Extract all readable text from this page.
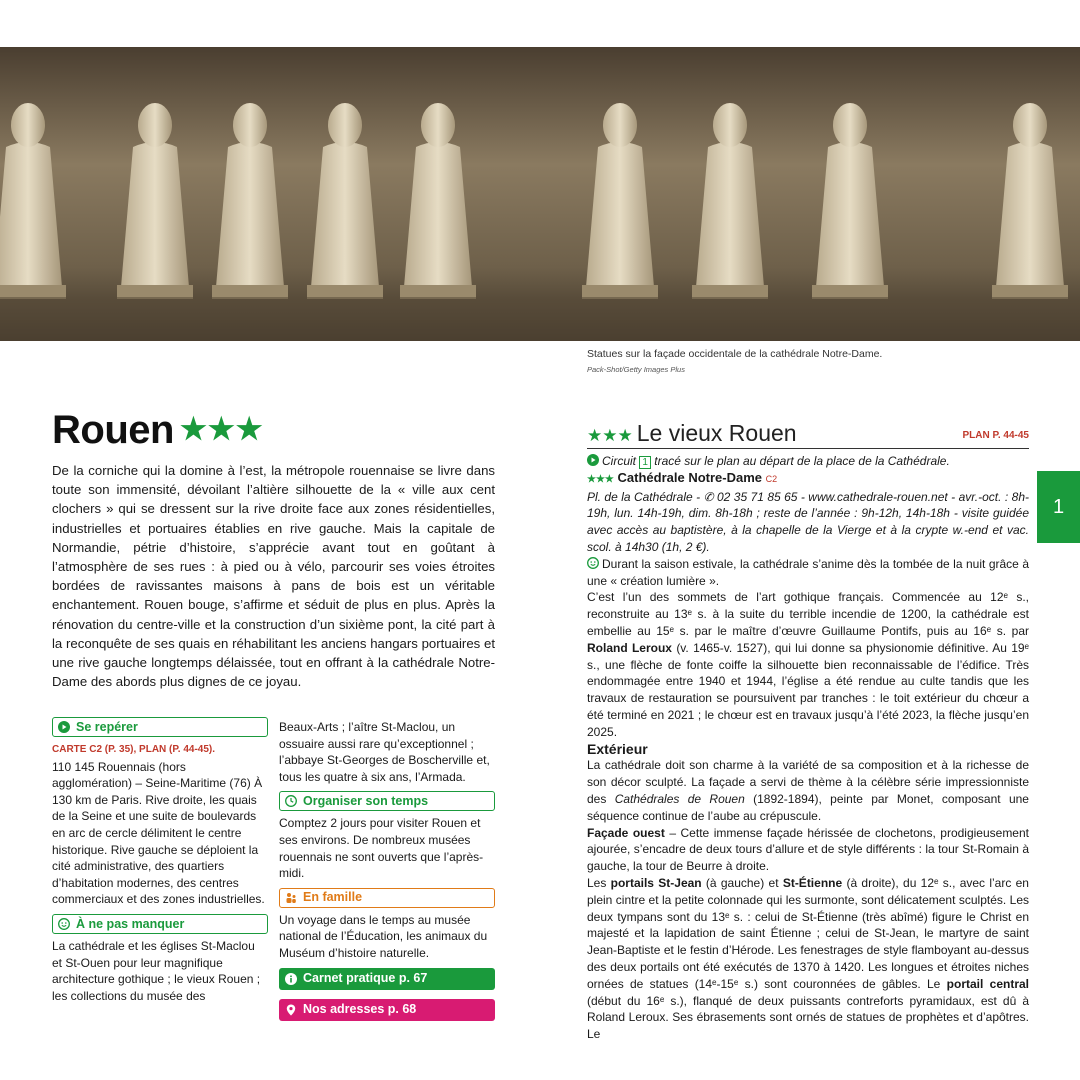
Statues sur la façade occidentale de la cathédrale Notre-Dame.
Pack-Shot/Getty Images Plus
Rouen ★★★
De la corniche qui la domine à l’est, la métropole rouennaise se livre dans toute son immensité, dévoilant l’altière silhouette de la « ville aux cent clochers » qui se dressent sur la rive droite face aux zones résidentielles, industrielles et portuaires établies en rive gauche. Mais la capitale de Normandie, pétrie d’histoire, s’apprécie avant tout en goûtant à l’atmosphère de ses rues : à pied ou à vélo, parcourir ses voies étroites bordées de ravissantes maisons à pans de bois est un véritable enchantement. Rouen bouge, s’affirme et séduit de plus en plus. Après la rénovation du centre-ville et la construction d’un sixième pont, la cité part à la reconquête de ses quais en réhabilitant les anciens hangars portuaires et une rive gauche longtemps délaissée, tout en offrant à la cathédrale Notre-Dame des abords plus dignes de ce joyau.
Se repérer
CARTE C2 (P. 35), PLAN (P. 44-45).

110 145 Rouennais (hors agglomération) – Seine-Maritime (76) À 130 km de Paris. Rive droite, les quais de la Seine et une suite de boulevards en arc de cercle délimitent le centre historique. Rive gauche se déploient la cité administrative, des quartiers d’habitation modernes, des centres commerciaux et des zones industrielles.

À ne pas manquer

La cathédrale et les églises St-Maclou et St-Ouen pour leur magnifique architecture gothique ; le vieux Rouen ; les collections du musée des

Beaux-Arts ; l’aître St-Maclou, un ossuaire aussi rare qu’exceptionnel ; l’abbaye St-Georges de Boscherville et, tous les quatre à six ans, l’Armada.

Organiser son temps

Comptez 2 jours pour visiter Rouen et ses environs. De nombreux musées rouennais ne sont ouverts que l’après-midi.

En famille

Un voyage dans le temps au musée national de l’Éducation, les animaux du Muséum d’histoire naturelle.

Carnet pratique p. 67
Nos adresses p. 68
★★★ Le vieux Rouen	PLAN P. 44-45

Circuit 1 tracé sur le plan au départ de la place de la Cathédrale.

★★★ Cathédrale Notre-Dame C2

Pl. de la Cathédrale - ✆ 02 35 71 85 65 - www.cathedrale-rouen.net - avr.-oct. : 8h-19h, lun. 14h-19h, dim. 8h-18h ; reste de l’année : 9h-12h, 14h-18h - visite guidée avec accès au baptistère, à la chapelle de la Vierge et à la crypte w.-end et vac. scol. à 14h30 (1h, 2 €).

Durant la saison estivale, la cathédrale s’anime dès la tombée de la nuit grâce à une « création lumière ».

C’est l’un des sommets de l’art gothique français. Commencée au 12ᵉ s., reconstruite au 13ᵉ s. à la suite du terrible incendie de 1200, la cathédrale est embellie au 15ᵉ s. par le maître d’œuvre Guillaume Pontifs, puis au 16ᵉ s. par Roland Leroux (v. 1465-v. 1527), qui lui donne sa physionomie définitive. Au 19ᵉ s., une flèche de fonte coiffe la silhouette bien reconnaissable de l’édifice. Très endommagée entre 1940 et 1944, l’église a été rendue au culte tandis que les travaux de restauration se poursuivent par tranches : le toit extérieur du chœur a été terminé en 2021 ; le chœur est en travaux jusqu’à l’été 2023, la flèche jusqu’en 2025.

Extérieur

La cathédrale doit son charme à la variété de sa composition et à la richesse de son décor sculpté. La façade a servi de thème à la célèbre série impressionniste des Cathédrales de Rouen (1892-1894), peinte par Monet, composant une séquence continue de l’aube au crépuscule.

Façade ouest – Cette immense façade hérissée de clochetons, prodigieusement ajourée, s’encadre de deux tours d’allure et de style différents : la tour St-Romain à gauche, la tour de Beurre à droite.

Les portails St-Jean (à gauche) et St-Étienne (à droite), du 12ᵉ s., avec l’arc en plein cintre et la petite colonnade qui les surmonte, sont délicatement sculptés. Les deux tympans sont du 13ᵉ s. : celui de St-Étienne (très abîmé) figure le Christ en majesté et la lapidation de saint Étienne ; celui de St-Jean, le martyre de saint Jean-Baptiste et le festin d’Hérode. Les fenestrages de style flamboyant au-dessus des deux portails ont été exécutés de 1370 à 1420. Les longues et étroites niches ornées de statues (14ᵉ-15ᵉ s.) sont couronnées de gâbles. Le portail central (début du 16ᵉ s.), flanqué de deux puissants contreforts pyramidaux, est dû à Roland Leroux. Ses ébrasements sont ornés de statues de prophètes et d’apôtres. Le

1
